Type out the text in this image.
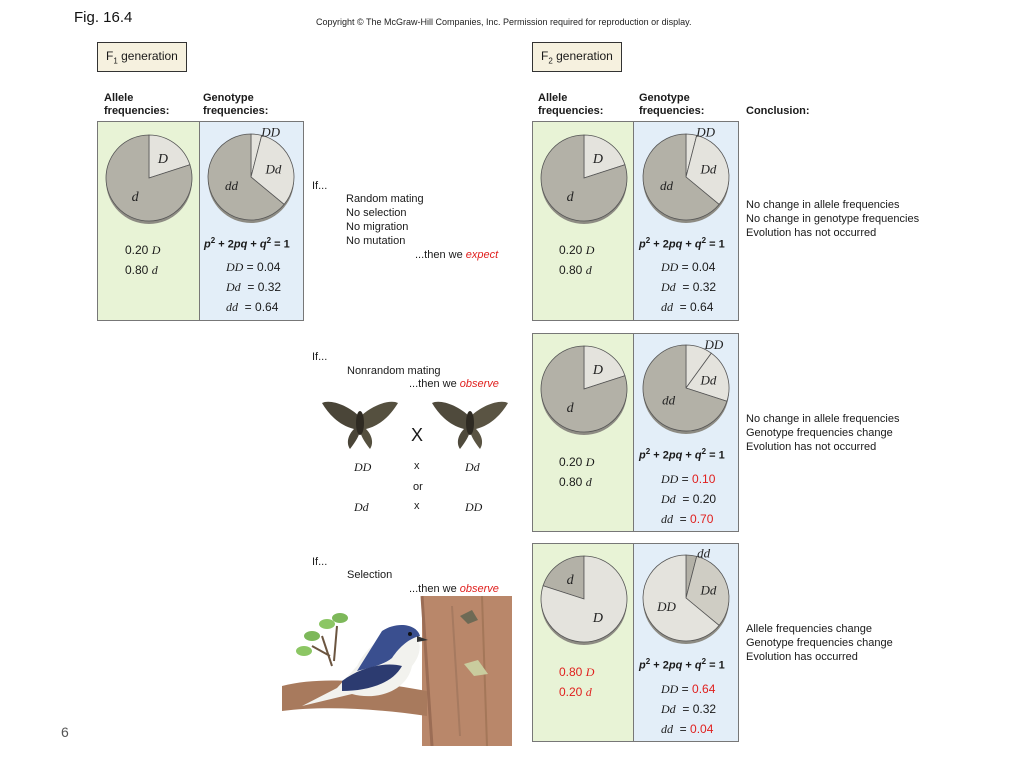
Fig. 16.4	Copyright © The McGraw-Hill Companies, Inc. Permission required for reproduction or display.
$F_1$ generation	$F_2$ generation
Allele
frequencies:
Genotype
frequencies:
Allele
frequencies:
Genotype
frequencies:	Conclusion:
D
d
Dd
dd
DD
0.20 D
0.80 d
$p^2 + 2pq + q^2 = 1$
DD = 0.04
Dd  = 0.32
dd  = 0.64
If...
Random mating
No selection
No migration
No mutation
...then we expect
D
d
Dd
dd
DD
0.20 D
0.80 d
$p^2 + 2pq + q^2 = 1$
DD = 0.04
Dd  = 0.32
dd  = 0.64
No change in allele frequencies
No change in genotype frequencies
Evolution has not occurred
If...
Nonrandom mating
...then we observe
X
DD	x	Dd
or
Dd	x	DD
D
d
Dd
dd
DD
0.20 D
0.80 d
$p^2 + 2pq + q^2 = 1$
DD = 0.10
Dd  = 0.20
dd  = 0.70
No change in allele frequencies
Genotype frequencies change
Evolution has not occurred
If...
Selection
...then we observe
d
D
Dd
DD
dd
0.80 D
0.20 d
$p^2 + 2pq + q^2 = 1$
DD = 0.64
Dd  = 0.32
dd  = 0.04
Allele frequencies change
Genotype frequencies change
Evolution has occurred
6
